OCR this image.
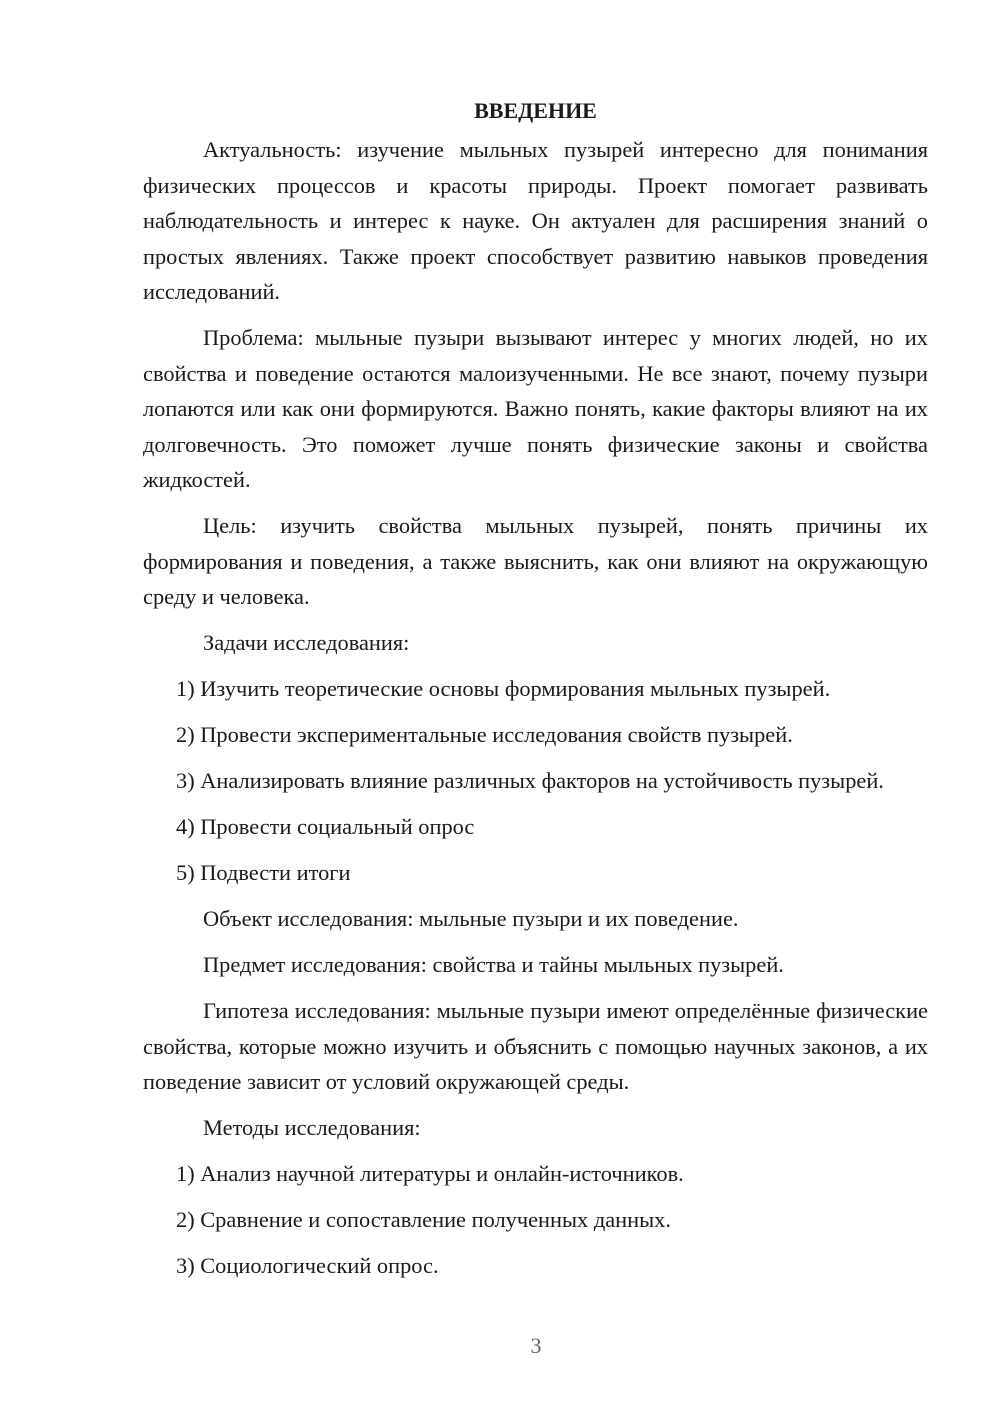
ВВЕДЕНИЕ
Актуальность: изучение мыльных пузырей интересно для понимания физических процессов и красоты природы. Проект помогает развивать наблюдательность и интерес к науке. Он актуален для расширения знаний о простых явлениях. Также проект способствует развитию навыков проведения исследований.
Проблема: мыльные пузыри вызывают интерес у многих людей, но их свойства и поведение остаются малоизученными. Не все знают, почему пузыри лопаются или как они формируются. Важно понять, какие факторы влияют на их долговечность. Это поможет лучше понять физические законы и свойства жидкостей.
Цель: изучить свойства мыльных пузырей, понять причины их формирования и поведения, а также выяснить, как они влияют на окружающую среду и человека.
Задачи исследования:
1) Изучить теоретические основы формирования мыльных пузырей.
2) Провести экспериментальные исследования свойств пузырей.
3) Анализировать влияние различных факторов на устойчивость пузырей.
4) Провести социальный опрос
5) Подвести итоги
Объект исследования: мыльные пузыри и их поведение.
Предмет исследования: свойства и тайны мыльных пузырей.
Гипотеза исследования: мыльные пузыри имеют определённые физические свойства, которые можно изучить и объяснить с помощью научных законов, а их поведение зависит от условий окружающей среды.
Методы исследования:
1) Анализ научной литературы и онлайн-источников.
2) Сравнение и сопоставление полученных данных.
3) Социологический опрос.
3
